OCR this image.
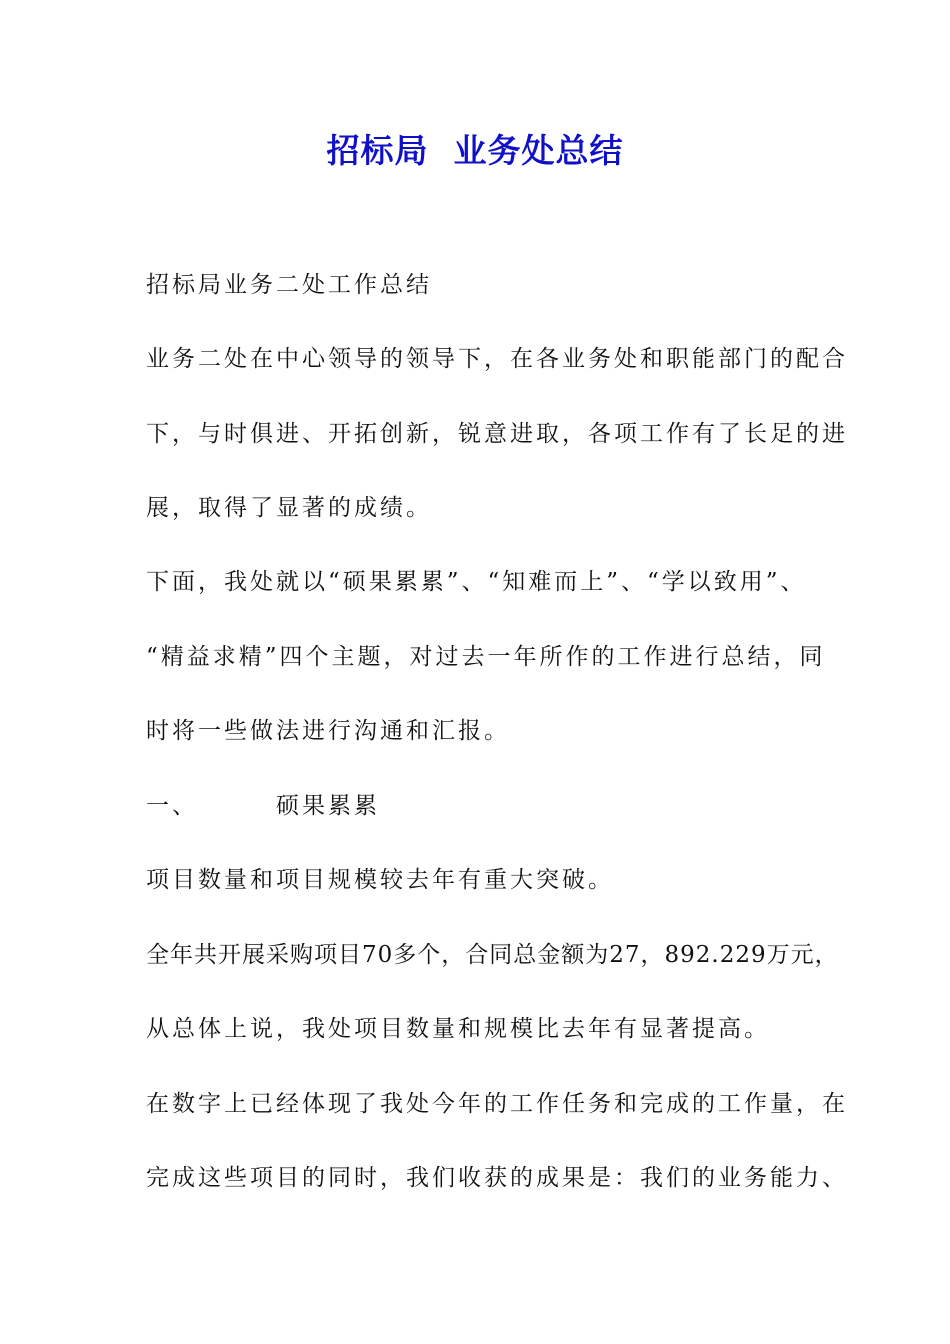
招标局  业务处总结
招标局业务二处工作总结
业务二处在中心领导的领导下，在各业务处和职能部门的配合
下，与时俱进、开拓创新，锐意进取，各项工作有了长足的进
展，取得了显著的成绩。
下面，我处就以“硕果累累”、“知难而上”、“学以致用”、
“精益求精”四个主题，对过去一年所作的工作进行总结，同
时将一些做法进行沟通和汇报。
一、	硕果累累
项目数量和项目规模较去年有重大突破。
全年共开展采购项目70多个，合同总金额为27，892.229万元，
从总体上说，我处项目数量和规模比去年有显著提高。
在数字上已经体现了我处今年的工作任务和完成的工作量，在
完成这些项目的同时，我们收获的成果是：我们的业务能力、
